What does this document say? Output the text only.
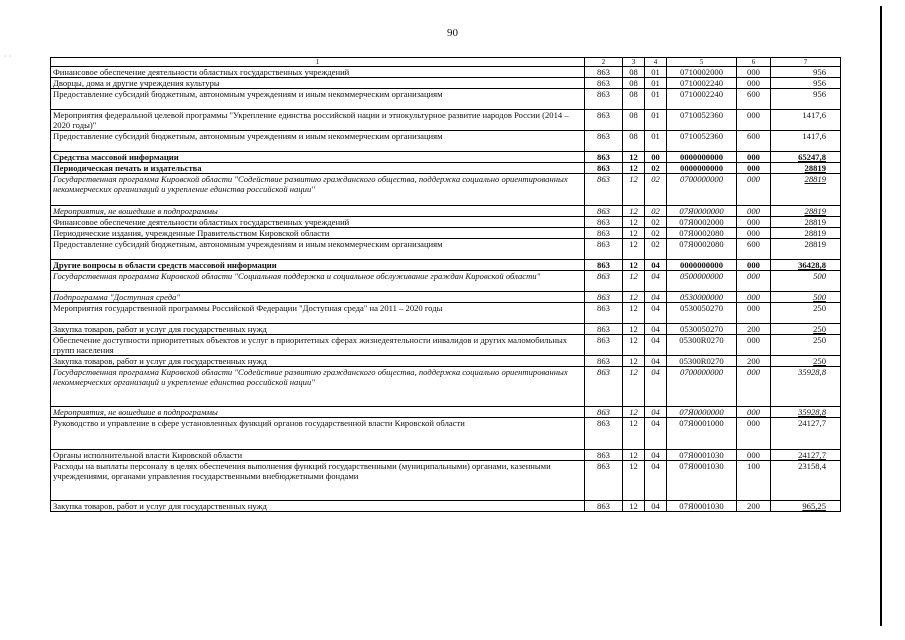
90
· ·
1	2	3	4	5	6	7
Финансовое обеспечение деятельности областных государственных учреждений	863	08	01	0710002000	000	956
Дворцы, дома и другие учреждения культуры	863	08	01	0710002240	000	956
Предоставление субсидий бюджетным, автономным учреждениям и иным некоммерческим организациям	863	08	01	0710002240	600	956
Мероприятия федеральной целевой программы "Укрепление единства российской нации и этнокультурное развитие народов России (2014 – 2020 годы)"	863	08	01	0710052360	000	1417,6
Предоставление субсидий бюджетным, автономным учреждениям и иным некоммерческим организациям	863	08	01	0710052360	600	1417,6
Средства массовой информации	863	12	00	0000000000	000	65247,8
Периодическая печать и издательства	863	12	02	0000000000	000	28819
Государственная программа Кировской области "Содействие развитию гражданского общества, поддержка социально ориентированных некоммерческих организаций и укрепление единства российской нации"	863	12	02	0700000000	000	28819
Мероприятия, не вошедшие в подпрограммы	863	12	02	07Я0000000	000	28819
Финансовое обеспечение деятельности областных государственных учреждений	863	12	02	07Я0002000	000	28819
Периодические издания, учрежденные Правительством Кировской области	863	12	02	07Я0002080	000	28819
Предоставление субсидий бюджетным, автономным учреждениям и иным некоммерческим организациям	863	12	02	07Я0002080	600	28819
Другие вопросы в области средств массовой информации	863	12	04	0000000000	000	36428,8
Государственная программа Кировской области "Социальная поддержка и социальное обслуживание граждан Кировской области"	863	12	04	0500000000	000	500
Подпрограмма "Доступная среда"	863	12	04	0530000000	000	500
Мероприятия государственной программы Российской Федерации "Доступная среда" на 2011 – 2020 годы	863	12	04	0530050270	000	250
Закупка товаров, работ и услуг для государственных нужд	863	12	04	0530050270	200	250
Обеспечение доступности приоритетных объектов и услуг в приоритетных сферах жизнедеятельности инвалидов и других маломобильных групп населения	863	12	04	05300R0270	000	250
Закупка товаров, работ и услуг для государственных нужд	863	12	04	05300R0270	200	250
Государственная программа Кировской области "Содействие развитию гражданского общества, поддержка социально ориентированных некоммерческих организаций и укрепление единства российской нации"	863	12	04	0700000000	000	35928,8
Мероприятия, не вошедшие в подпрограммы	863	12	04	07Я0000000	000	35928,8
Руководство и управление в сфере установленных функций органов государственной власти Кировской области	863	12	04	07Я0001000	000	24127,7
Органы исполнительной власти Кировской области	863	12	04	07Я0001030	000	24127,7
Расходы на выплаты персоналу в целях обеспечения выполнения функций государственными (муниципальными) органами, казенными учреждениями, органами управления государственными внебюджетными фондами	863	12	04	07Я0001030	100	23158,4
Закупка товаров, работ и услуг для государственных нужд	863	12	04	07Я0001030	200	965,25
